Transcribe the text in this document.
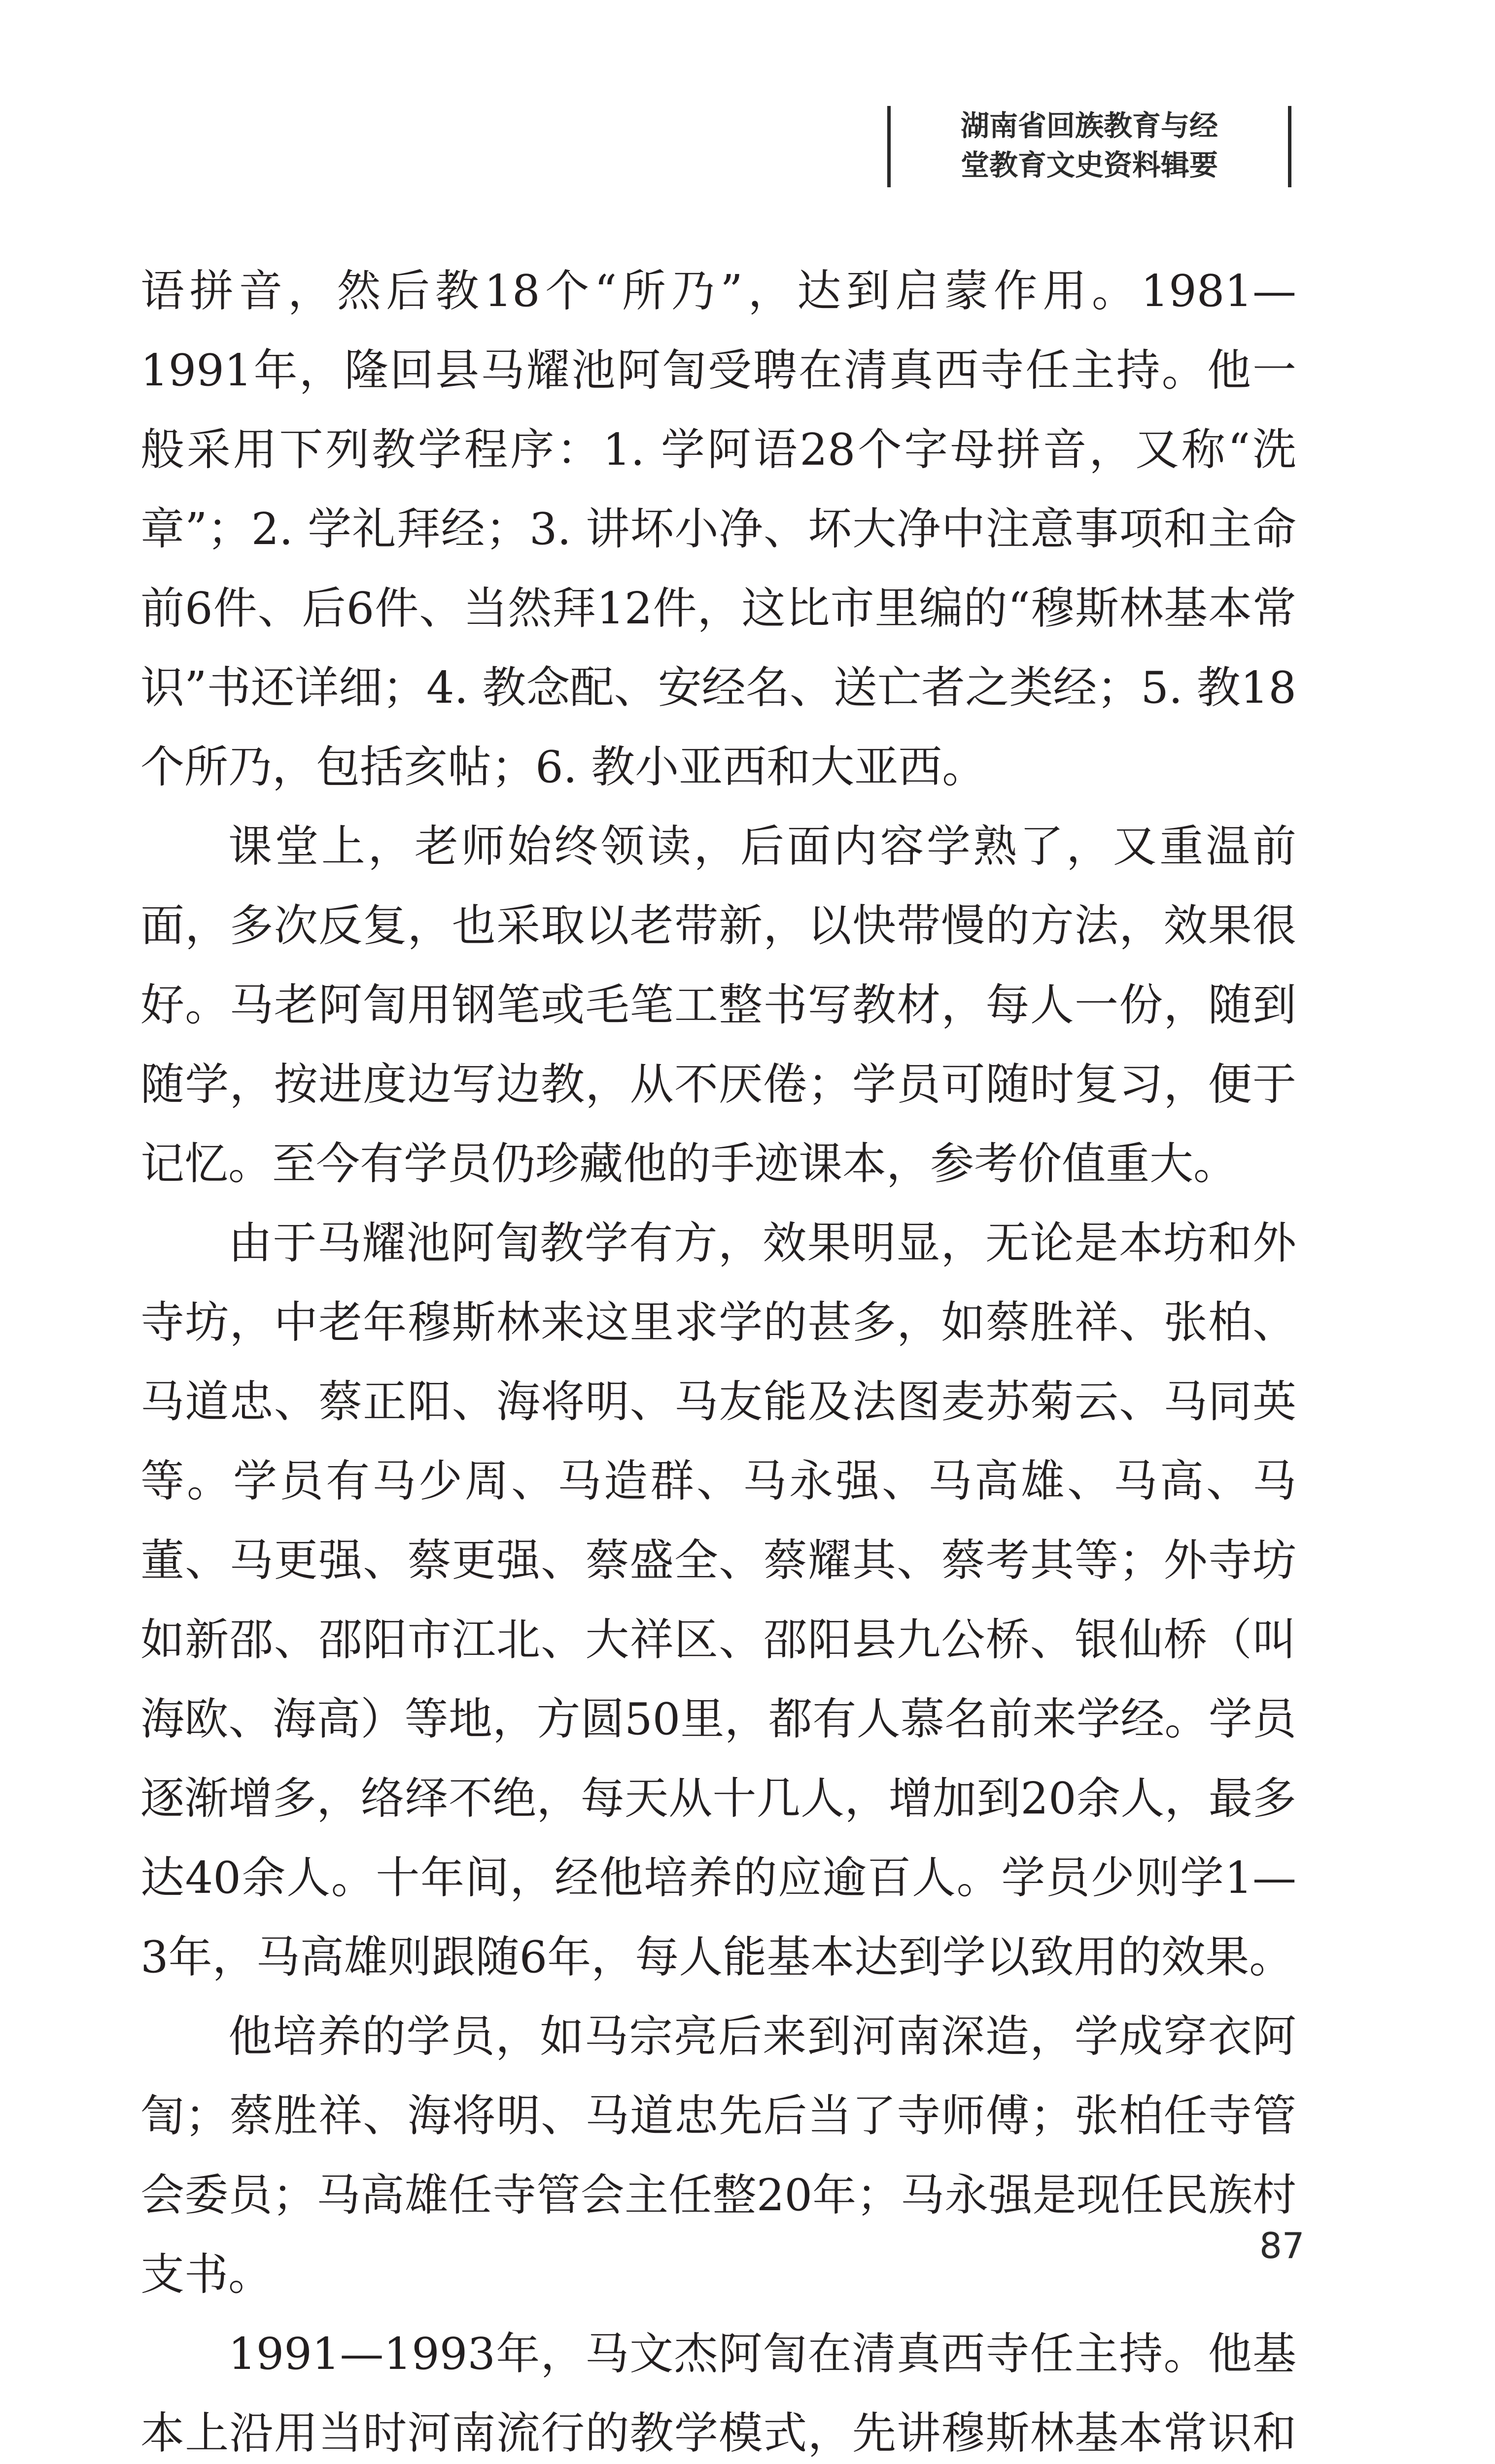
湖南省回族教育与经
堂教育文史资料辑要

语拼音，然后教18个“所乃”，达到启蒙作用。1981—1991年，隆回县马耀池阿訇受聘在清真西寺任主持。他一般采用下列教学程序：1. 学阿语28个字母拼音，又称“洗章”；2. 学礼拜经；3. 讲坏小净、坏大净中注意事项和主命前6件、后6件、当然拜12件，这比市里编的“穆斯林基本常识”书还详细；4. 教念配、安经名、送亡者之类经；5. 教18个所乃，包括亥帖；6. 教小亚西和大亚西。

课堂上，老师始终领读，后面内容学熟了，又重温前面，多次反复，也采取以老带新，以快带慢的方法，效果很好。马老阿訇用钢笔或毛笔工整书写教材，每人一份，随到随学，按进度边写边教，从不厌倦；学员可随时复习，便于记忆。至今有学员仍珍藏他的手迹课本，参考价值重大。

由于马耀池阿訇教学有方，效果明显，无论是本坊和外寺坊，中老年穆斯林来这里求学的甚多，如蔡胜祥、张柏、马道忠、蔡正阳、海将明、马友能及法图麦苏菊云、马同英等。学员有马少周、马造群、马永强、马高雄、马高、马董、马更强、蔡更强、蔡盛全、蔡耀其、蔡考其等；外寺坊如新邵、邵阳市江北、大祥区、邵阳县九公桥、银仙桥（叫海欧、海高）等地，方圆50里，都有人慕名前来学经。学员逐渐增多，络绎不绝，每天从十几人，增加到20余人，最多达40余人。十年间，经他培养的应逾百人。学员少则学1—3年，马高雄则跟随6年，每人能基本达到学以致用的效果。

他培养的学员，如马宗亮后来到河南深造，学成穿衣阿訇；蔡胜祥、海将明、马道忠先后当了寺师傅；张柏任寺管会委员；马高雄任寺管会主任整20年；马永强是现任民族村支书。

1991—1993年，马文杰阿訇在清真西寺任主持。他基本上沿用当时河南流行的教学模式，先讲穆斯林基本常识和

87
